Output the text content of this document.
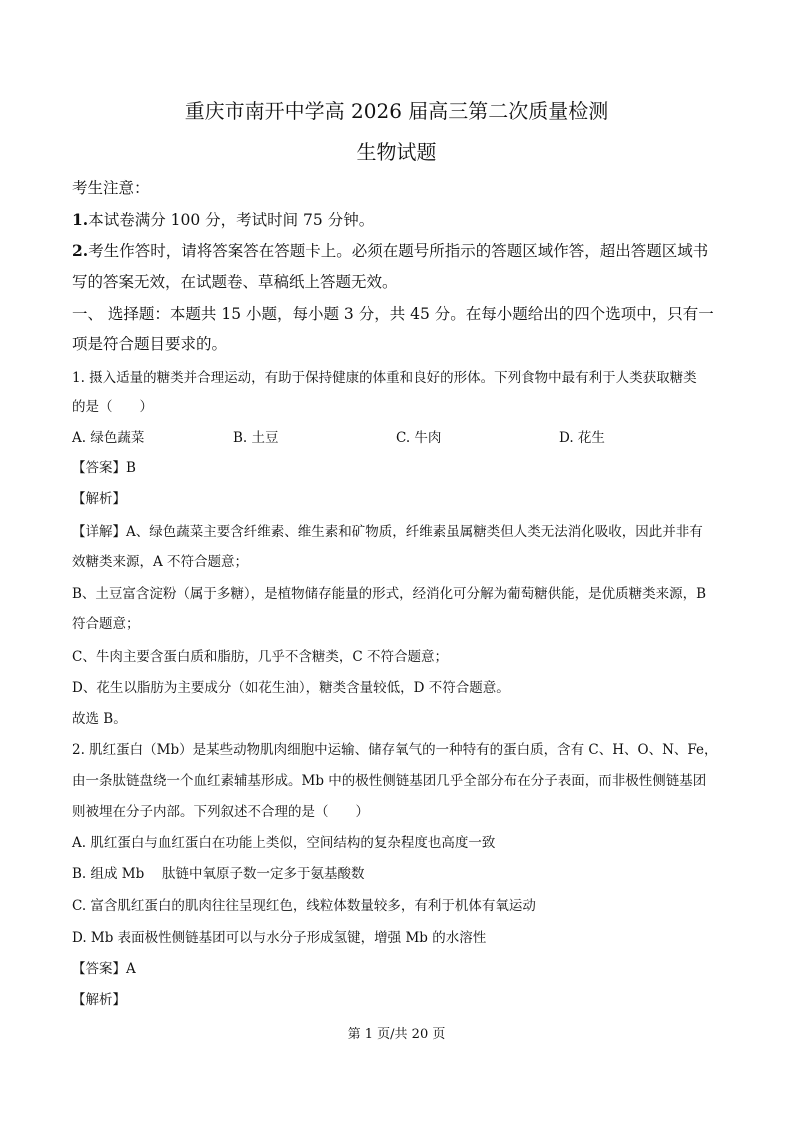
重庆市南开中学高 2026 届高三第二次质量检测
生物试题
考生注意：
1.本试卷满分 100 分，考试时间 75 分钟。
2.考生作答时，请将答案答在答题卡上。必须在题号所指示的答题区域作答，超出答题区域书
写的答案无效，在试题卷、草稿纸上答题无效。
一、 选择题：本题共 15 小题，每小题 3 分，共 45 分。在每小题给出的四个选项中，只有一
项是符合题目要求的。
1. 摄入适量的糖类并合理运动，有助于保持健康的体重和良好的形体。下列食物中最有利于人类获取糖类
的是（　　）
A. 绿色蔬菜	B. 土豆	C. 牛肉	D. 花生
【答案】B
【解析】
【详解】A、绿色蔬菜主要含纤维素、维生素和矿物质，纤维素虽属糖类但人类无法消化吸收，因此并非有
效糖类来源，A 不符合题意；
B、土豆富含淀粉（属于多糖），是植物储存能量的形式，经消化可分解为葡萄糖供能，是优质糖类来源，B
符合题意；
C、牛肉主要含蛋白质和脂肪，几乎不含糖类，C 不符合题意；
D、花生以脂肪为主要成分（如花生油），糖类含量较低，D 不符合题意。
故选 B。
2. 肌红蛋白（Mb）是某些动物肌肉细胞中运输、储存氧气的一种特有的蛋白质，含有 C、H、O、N、Fe，
由一条肽链盘绕一个血红素辅基形成。Mb 中的极性侧链基团几乎全部分布在分子表面，而非极性侧链基团
则被埋在分子内部。下列叙述不合理的是（　　）
A. 肌红蛋白与血红蛋白在功能上类似，空间结构的复杂程度也高度一致
B. 组成 Mb　 肽链中氧原子数一定多于氨基酸数
C. 富含肌红蛋白的肌肉往往呈现红色，线粒体数量较多，有利于机体有氧运动
D. Mb 表面极性侧链基团可以与水分子形成氢键，增强 Mb 的水溶性
【答案】A
【解析】
第 1 页/共 20 页
